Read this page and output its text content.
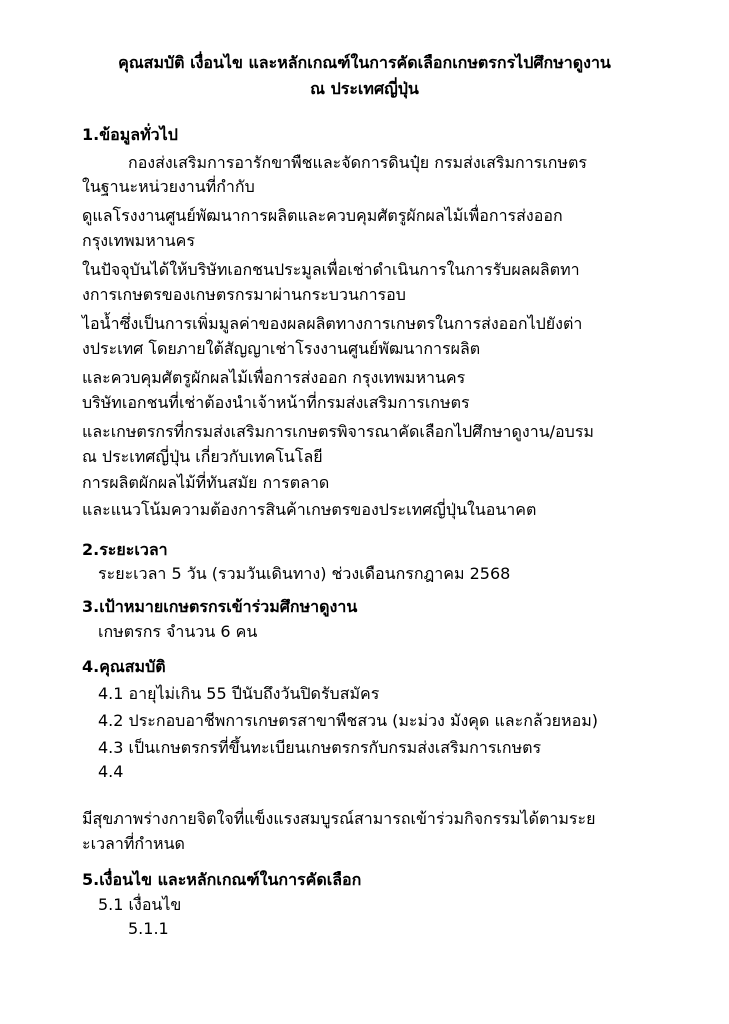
คุณสมบัติ เงื่อนไข และหลักเกณฑ์ในการคัดเลือกเกษตรกรไปศึกษาดูงาน
ณ ประเทศญี่ปุ่น
1.ข้อมูลทั่วไป
กองส่งเสริมการอารักขาพืชและจัดการดินปุ๋ย กรมส่งเสริมการเกษตร
ในฐานะหน่วยงานที่กำกับ
ดูแลโรงงานศูนย์พัฒนาการผลิตและควบคุมศัตรูผักผลไม้เพื่อการส่งออก
กรุงเทพมหานคร
ในปัจจุบันได้ให้บริษัทเอกชนประมูลเพื่อเช่าดำเนินการในการรับผลผลิตทา
งการเกษตรของเกษตรกรมาผ่านกระบวนการอบ
ไอน้ำซึ่งเป็นการเพิ่มมูลค่าของผลผลิตทางการเกษตรในการส่งออกไปยังต่า
งประเทศ โดยภายใต้สัญญาเช่าโรงงานศูนย์พัฒนาการผลิต
และควบคุมศัตรูผักผลไม้เพื่อการส่งออก กรุงเทพมหานคร
บริษัทเอกชนที่เช่าต้องนำเจ้าหน้าที่กรมส่งเสริมการเกษตร
และเกษตรกรที่กรมส่งเสริมการเกษตรพิจารณาคัดเลือกไปศึกษาดูงาน/อบรม
ณ ประเทศญี่ปุ่น เกี่ยวกับเทคโนโลยี
การผลิตผักผลไม้ที่ทันสมัย การตลาด
และแนวโน้มความต้องการสินค้าเกษตรของประเทศญี่ปุ่นในอนาคต
2.ระยะเวลา
ระยะเวลา 5 วัน (รวมวันเดินทาง) ช่วงเดือนกรกฎาคม 2568
3.เป้าหมายเกษตรกรเข้าร่วมศึกษาดูงาน
เกษตรกร จำนวน 6 คน
4.คุณสมบัติ
4.1 อายุไม่เกิน 55 ปีนับถึงวันปิดรับสมัคร
4.2 ประกอบอาชีพการเกษตรสาขาพืชสวน (มะม่วง มังคุด และกล้วยหอม)
4.3 เป็นเกษตรกรที่ขึ้นทะเบียนเกษตรกรกับกรมส่งเสริมการเกษตร
4.4
มีสุขภาพร่างกายจิตใจที่แข็งแรงสมบูรณ์สามารถเข้าร่วมกิจกรรมได้ตามระย
ะเวลาที่กำหนด
5.เงื่อนไข และหลักเกณฑ์ในการคัดเลือก
5.1 เงื่อนไข
5.1.1
